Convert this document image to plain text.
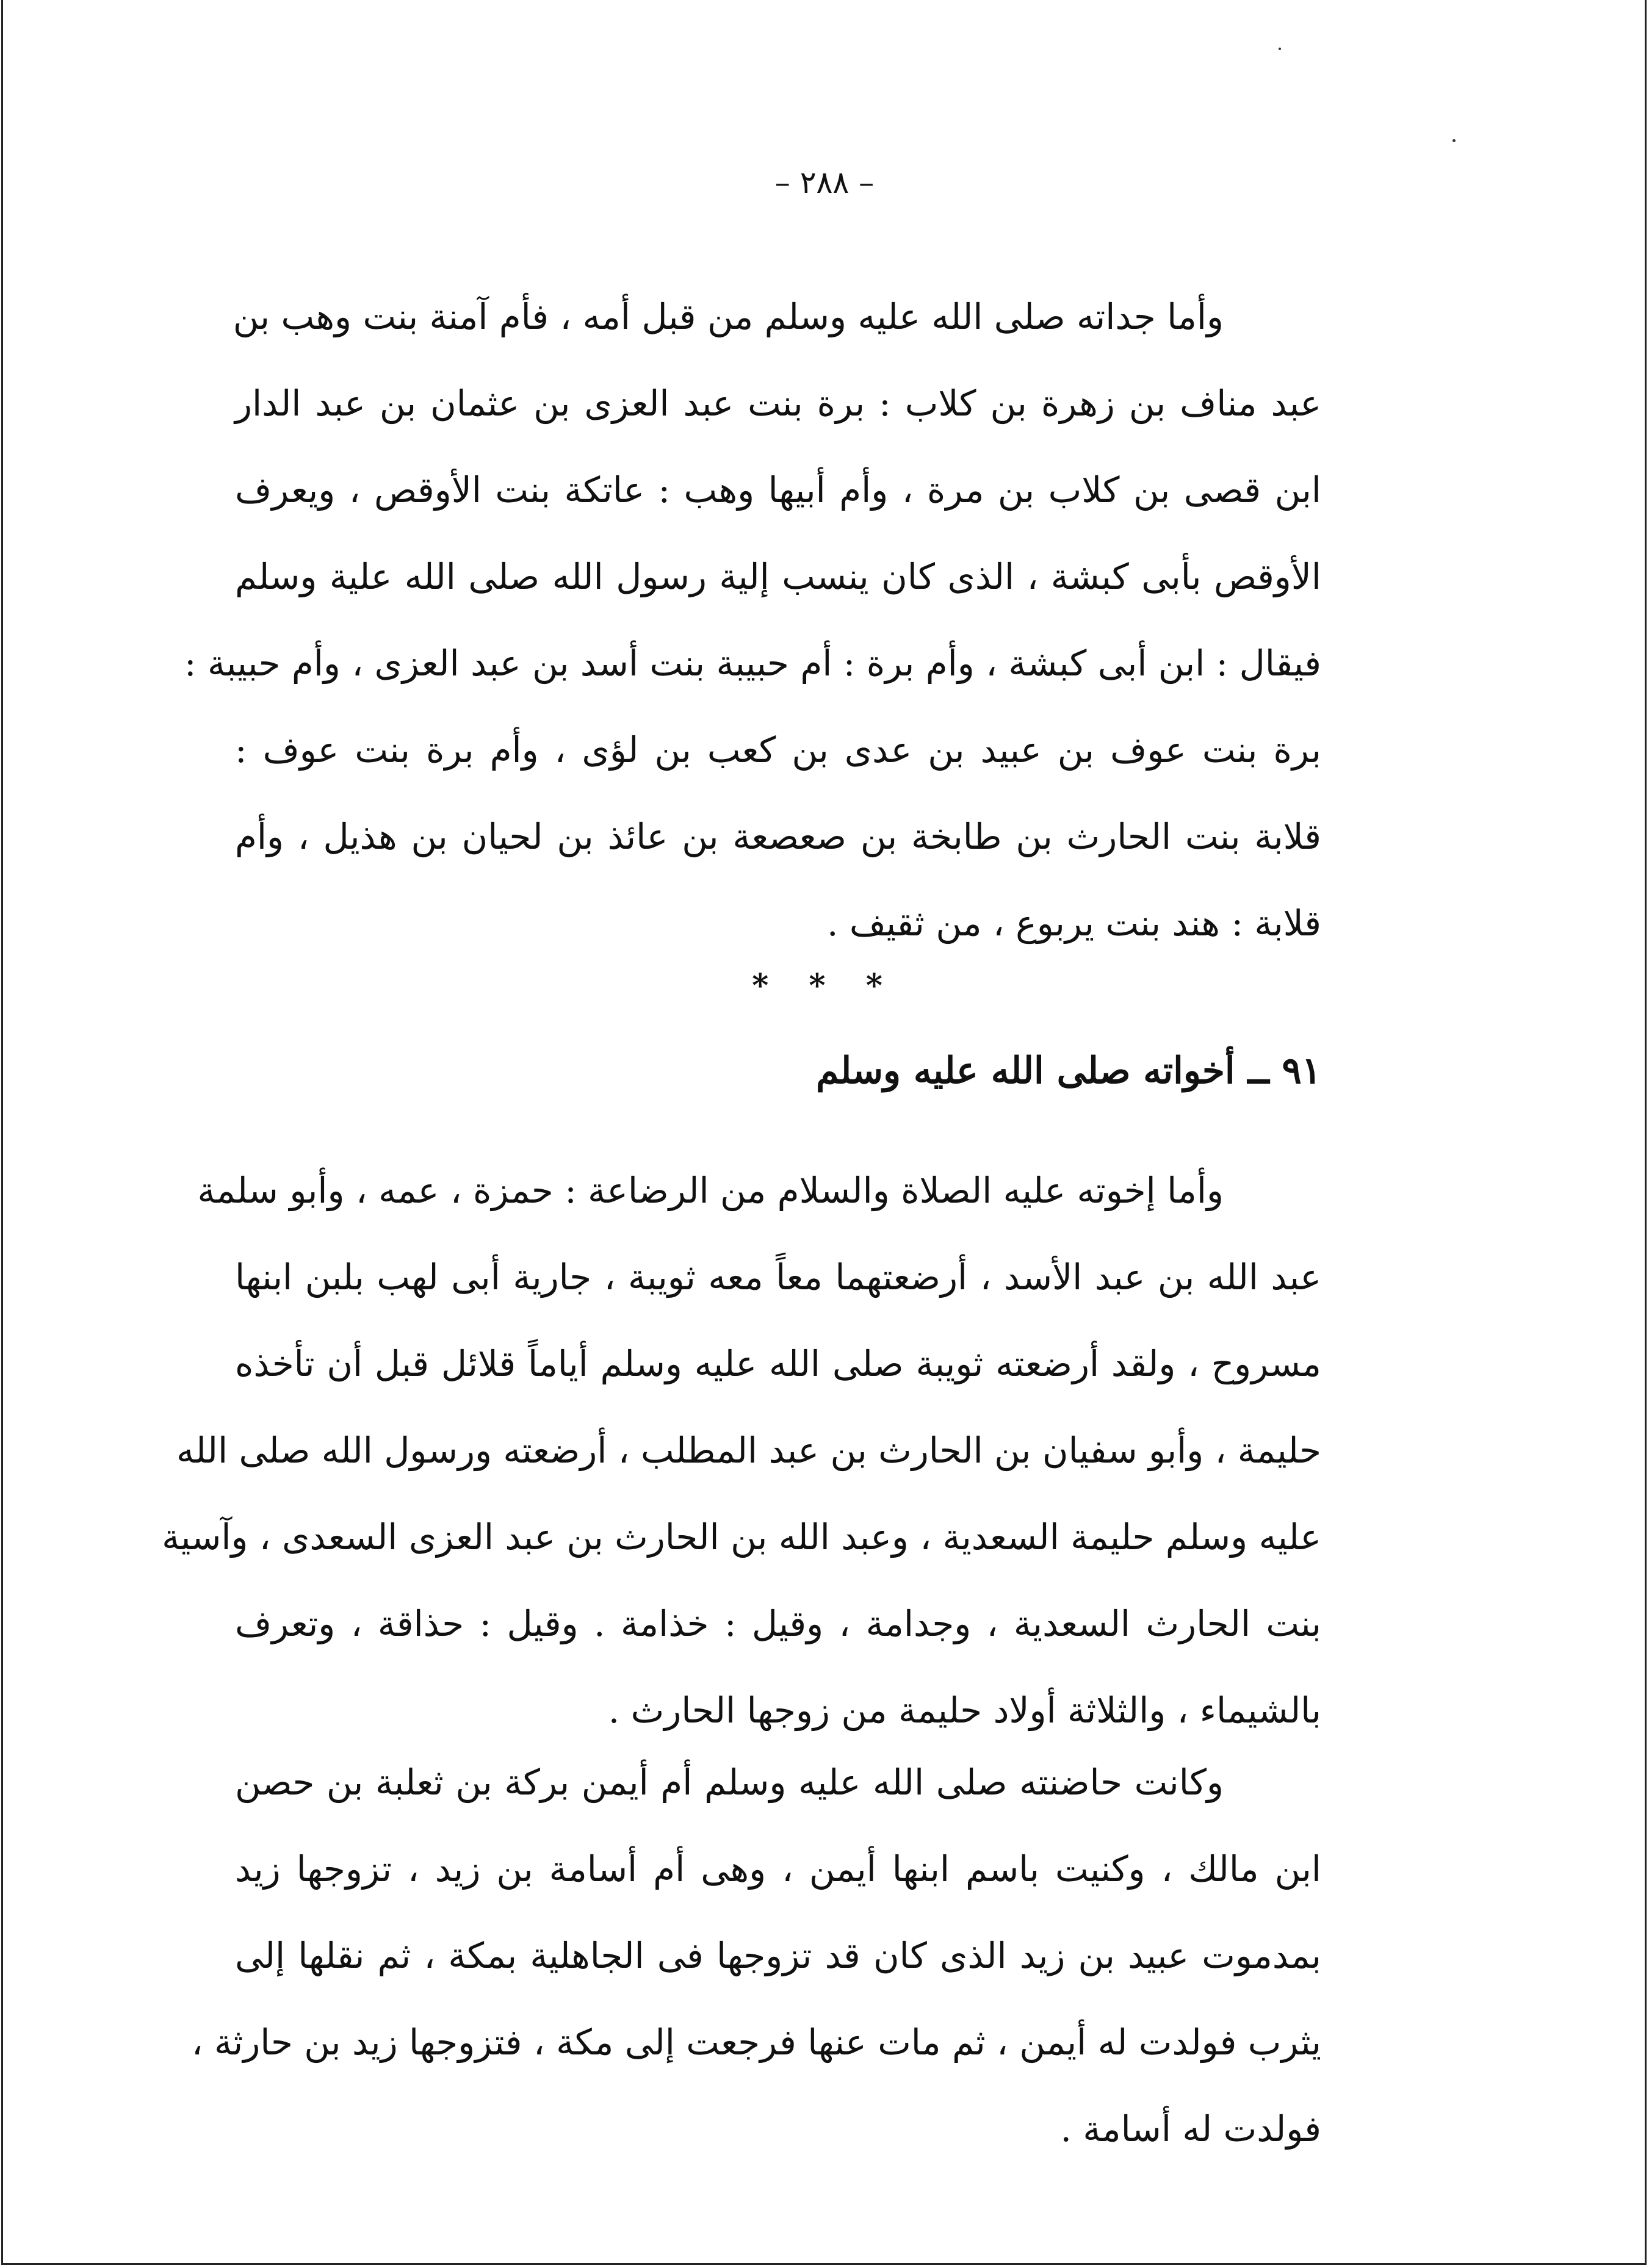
– ٢٨٨ –
وأما جداته صلى الله عليه وسلم من قبل أمه ، فأم آمنة بنت وهب بن
عبد مناف بن زهرة بن كلاب : برة بنت عبد العزى بن عثمان بن عبد الدار
ابن قصى بن كلاب بن مرة ، وأم أبيها وهب : عاتكة بنت الأوقص ، ويعرف
الأوقص بأبى كبشة ، الذى كان ينسب إلية رسول الله صلى الله علية وسلم
فيقال : ابن أبى كبشة ، وأم برة : أم حبيبة بنت أسد بن عبد العزى ، وأم حبيبة :
برة بنت عوف بن عبيد بن عدى بن كعب بن لؤى ، وأم برة بنت عوف :
قلابة بنت الحارث بن طابخة بن صعصعة بن عائذ بن لحيان بن هذيل ، وأم
قلابة : هند بنت يربوع ، من ثقيف .
* * *
٩١ ــ أخواته صلى الله عليه وسلم
وأما إخوته عليه الصلاة والسلام من الرضاعة : حمزة ، عمه ، وأبو سلمة
عبد الله بن عبد الأسد ، أرضعتهما معاً معه ثويبة ، جارية أبى لهب بلبن ابنها
مسروح ، ولقد أرضعته ثويبة صلى الله عليه وسلم أياماً قلائل قبل أن تأخذه
حليمة ، وأبو سفيان بن الحارث بن عبد المطلب ، أرضعته ورسول الله صلى الله
عليه وسلم حليمة السعدية ، وعبد الله بن الحارث بن عبد العزى السعدى ، وآسية
بنت الحارث السعدية ، وجدامة ، وقيل : خذامة . وقيل : حذاقة ، وتعرف
بالشيماء ، والثلاثة أولاد حليمة من زوجها الحارث .
وكانت حاضنته صلى الله عليه وسلم أم أيمن بركة بن ثعلبة بن حصن
ابن مالك ، وكنيت باسم ابنها أيمن ، وهى أم أسامة بن زيد ، تزوجها زيد
بمدموت عبيد بن زيد الذى كان قد تزوجها فى الجاهلية بمكة ، ثم نقلها إلى
يثرب فولدت له أيمن ، ثم مات عنها فرجعت إلى مكة ، فتزوجها زيد بن حارثة ،
فولدت له أسامة .
